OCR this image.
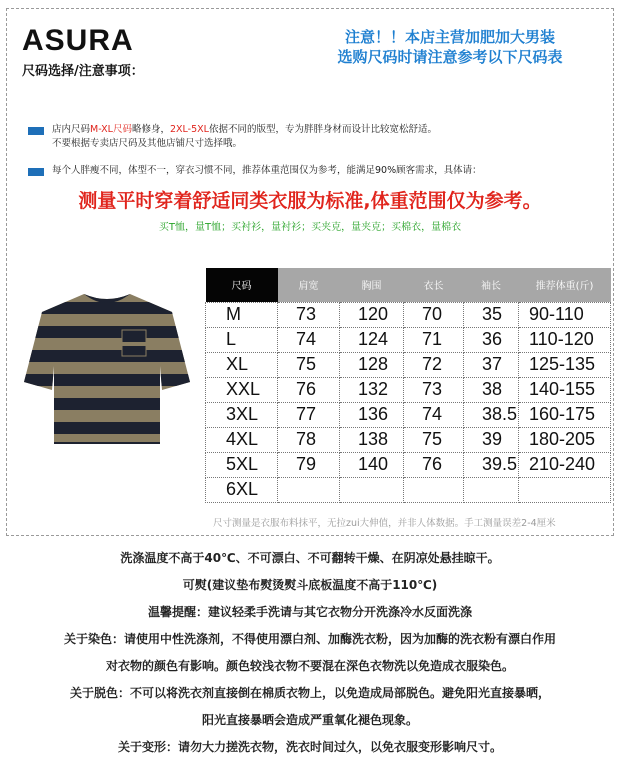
ASURA
尺码选择/注意事项：
注意！！本店主营加肥加大男装
选购尺码时请注意参考以下尺码表
店内尺码M-XL尺码略修身，2XL-5XL依据不同的版型，专为胖胖身材而设计比较宽松舒适。
不要根据专卖店尺码及其他店铺尺寸选择哦。
每个人胖瘦不同，体型不一，穿衣习惯不同，推荐体重范围仅为参考，能满足90%顾客需求，具体请：
测量平时穿着舒适同类衣服为标准,体重范围仅为参考。
买T恤，量T恤；买衬衫，量衬衫；买夹克，量夹克；买棉衣，量棉衣
尺码	肩宽	胸围	衣长	袖长	推荐体重(斤)
M	73	120	70	35	90-110
L	74	124	71	36	110-120
XL	75	128	72	37	125-135
XXL	76	132	73	38	140-155
3XL	77	136	74	38.5	160-175
4XL	78	138	75	39	180-205
5XL	79	140	76	39.5	210-240
6XL					
尺寸测量是衣服布料抹平，无拉zui大伸值，并非人体数据。手工测量误差2-4厘米
洗涤温度不高于40℃、不可漂白、不可翻转干燥、在阴凉处悬挂晾干。
可熨(建议垫布熨烫熨斗底板温度不高于110℃)
温馨提醒：建议轻柔手洗请与其它衣物分开洗涤冷水反面洗涤
关于染色：请使用中性洗涤剂，不得使用漂白剂、加酶洗衣粉，因为加酶的洗衣粉有漂白作用
对衣物的颜色有影响。颜色较浅衣物不要混在深色衣物洗以免造成衣服染色。
关于脱色：不可以将洗衣剂直接倒在棉质衣物上，以免造成局部脱色。避免阳光直接暴晒，
阳光直接暴晒会造成严重氧化褪色现象。
关于变形：请勿大力搓洗衣物，洗衣时间过久，以免衣服变形影响尺寸。
